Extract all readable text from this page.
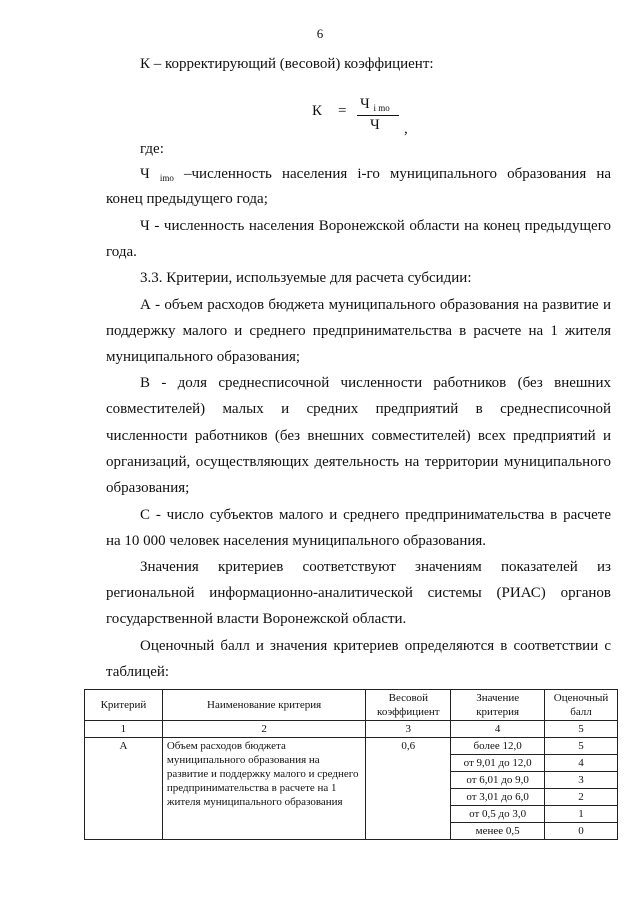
6
К – корректирующий (весовой) коэффициент:
К = Ч $_{i mo}$
Ч ,
где:
Ч $_{imo}$ –численность населения i-го муниципального образования на
конец предыдущего года;
Ч - численность населения Воронежской области на конец предыдущего
года.
3.3. Критерии, используемые для расчета субсидии:
А - объем расходов бюджета муниципального образования на развитие и
поддержку малого и среднего предпринимательства в расчете на 1 жителя
муниципального образования;
В - доля среднесписочной численности работников (без внешних
совместителей) малых и средних предприятий в среднесписочной
численности работников (без внешних совместителей) всех предприятий и
организаций, осуществляющих деятельность на территории муниципального
образования;
С - число субъектов малого и среднего предпринимательства в расчете
на 10 000 человек населения муниципального образования.
Значения критериев соответствуют значениям показателей из
региональной информационно-аналитической системы (РИАС) органов
государственной власти Воронежской области.
Оценочный балл и значения критериев определяются в соответствии с
таблицей:
Критерий	Наименование критерия	Весовой коэффициент	Значение критерия	Оценочный балл
1	2	3	4	5
А	Объем расходов бюджета муниципального образования на развитие и поддержку малого и среднего предпринимательства в расчете на 1 жителя муниципального образования	0,6	более 12,0	5
			от 9,01 до 12,0	4
			от 6,01 до 9,0	3
			от 3,01 до 6,0	2
			от 0,5 до 3,0	1
			менее 0,5	0
